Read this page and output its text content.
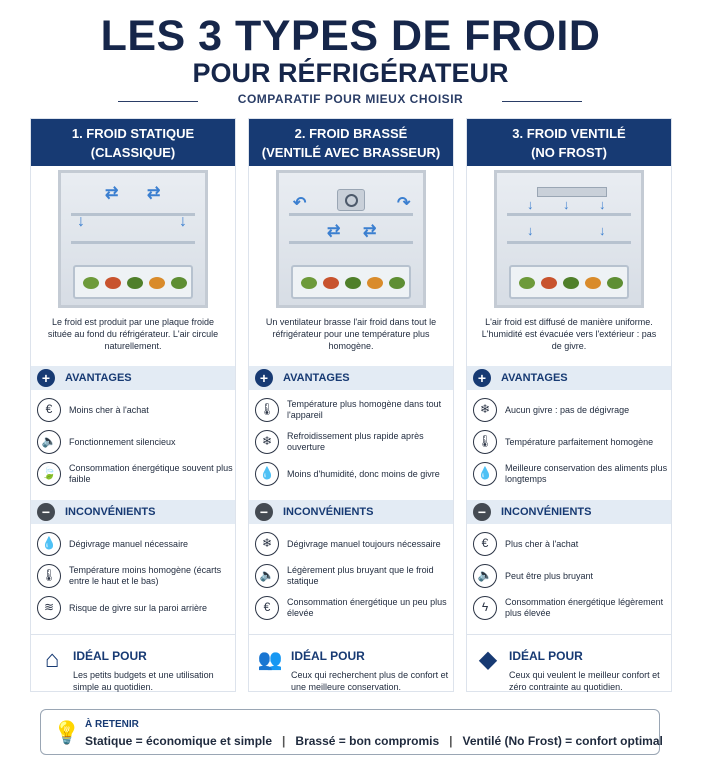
LES 3 TYPES DE FROID
POUR RÉFRIGÉRATEUR
COMPARATIF POUR MIEUX CHOISIR
1. FROID STATIQUE
(CLASSIQUE)
⇄ ⇄
↓	↓
Le froid est produit par une plaque froide située au fond du réfrigérateur. L'air circule naturellement.
+	AVANTAGES
€	Moins cher à l'achat
🔈	Fonctionnement silencieux
🍃	Consommation énergétique souvent plus faible
−	INCONVÉNIENTS
💧	Dégivrage manuel nécessaire
🌡	Température moins homogène (écarts entre le haut et le bas)
≋	Risque de givre sur la paroi arrière
⌂	IDÉAL POUR
Les petits budgets et une utilisation simple au quotidien.
2. FROID BRASSÉ
(VENTILÉ AVEC BRASSEUR)
↶	↷
⇄ ⇄
Un ventilateur brasse l'air froid dans tout le réfrigérateur pour une température plus homogène.
+	AVANTAGES
🌡	Température plus homogène dans tout l'appareil
❄	Refroidissement plus rapide après ouverture
💧	Moins d'humidité, donc moins de givre
−	INCONVÉNIENTS
❄	Dégivrage manuel toujours nécessaire
🔈	Légèrement plus bruyant que le froid statique
€	Consommation énergétique un peu plus élevée
👥 IDÉAL POUR
Ceux qui recherchent plus de confort et une meilleure conservation.
3. FROID VENTILÉ
(NO FROST)
↓ ↓ ↓
↓	↓
L'air froid est diffusé de manière uniforme. L'humidité est évacuée vers l'extérieur : pas de givre.
+	AVANTAGES
❄	Aucun givre : pas de dégivrage
🌡	Température parfaitement homogène
💧	Meilleure conservation des aliments plus longtemps
−	INCONVÉNIENTS
€	Plus cher à l'achat
🔈	Peut être plus bruyant
ϟ	Consommation énergétique légèrement plus élevée
◆ IDÉAL POUR
Ceux qui veulent le meilleur confort et zéro contrainte au quotidien.
💡 À RETENIR
Statique = économique et simple | Brassé = bon compromis | Ventilé (No Frost) = confort optimal
